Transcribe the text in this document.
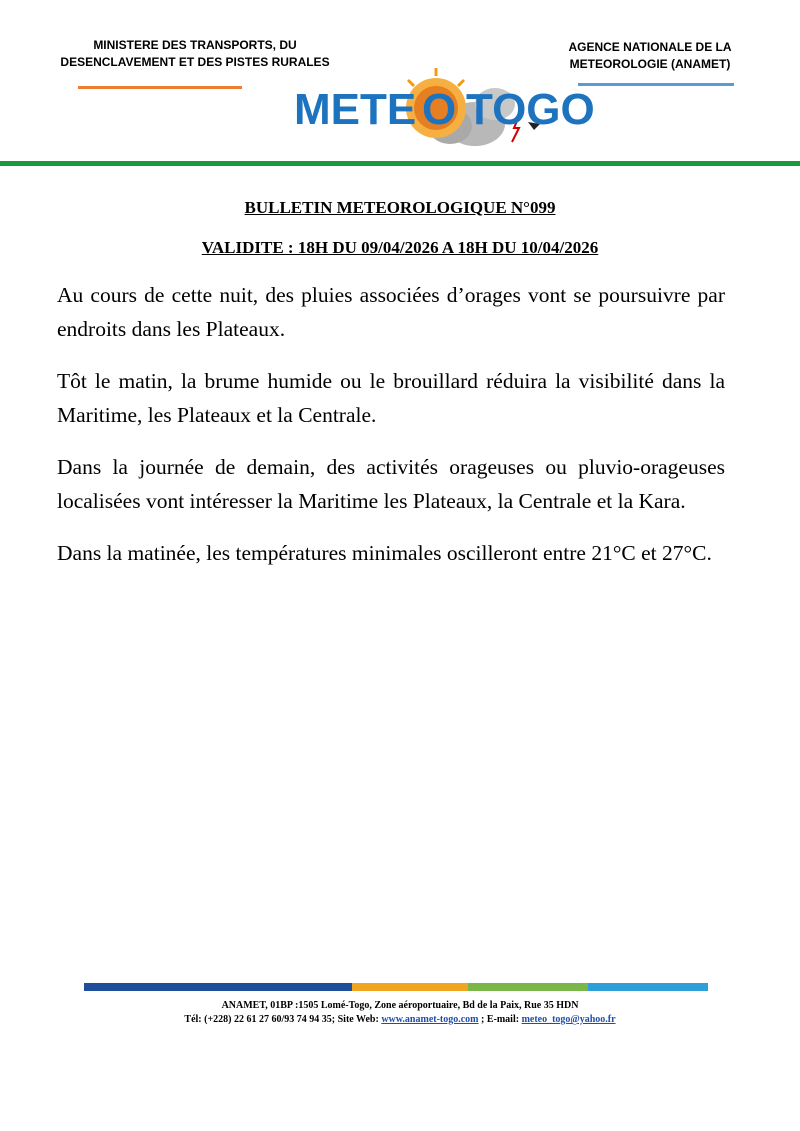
MINISTERE DES TRANSPORTS, DU
DESENCLAVEMENT ET DES PISTES RURALES
AGENCE NATIONALE DE LA
METEOROLOGIE (ANAMET)
METE O TOGO
BULLETIN METEOROLOGIQUE N°099
VALIDITE : 18H DU 09/04/2026 A 18H DU 10/04/2026

Au cours de cette nuit, des pluies associées d’orages vont se poursuivre par endroits dans les Plateaux.

Tôt le matin, la brume humide ou le brouillard réduira la visibilité dans la Maritime, les Plateaux et la Centrale.

Dans la journée de demain, des activités orageuses ou pluvio-orageuses localisées vont intéresser la Maritime les Plateaux, la Centrale et la Kara.

Dans la matinée, les températures minimales oscilleront entre 21°C et 27°C.

ANAMET, 01BP :1505 Lomé-Togo, Zone aéroportuaire, Bd de la Paix, Rue 35 HDN
Tél: (+228) 22 61 27 60/93 74 94 35; Site Web: www.anamet-togo.com ; E-mail: meteo_togo@yahoo.fr
